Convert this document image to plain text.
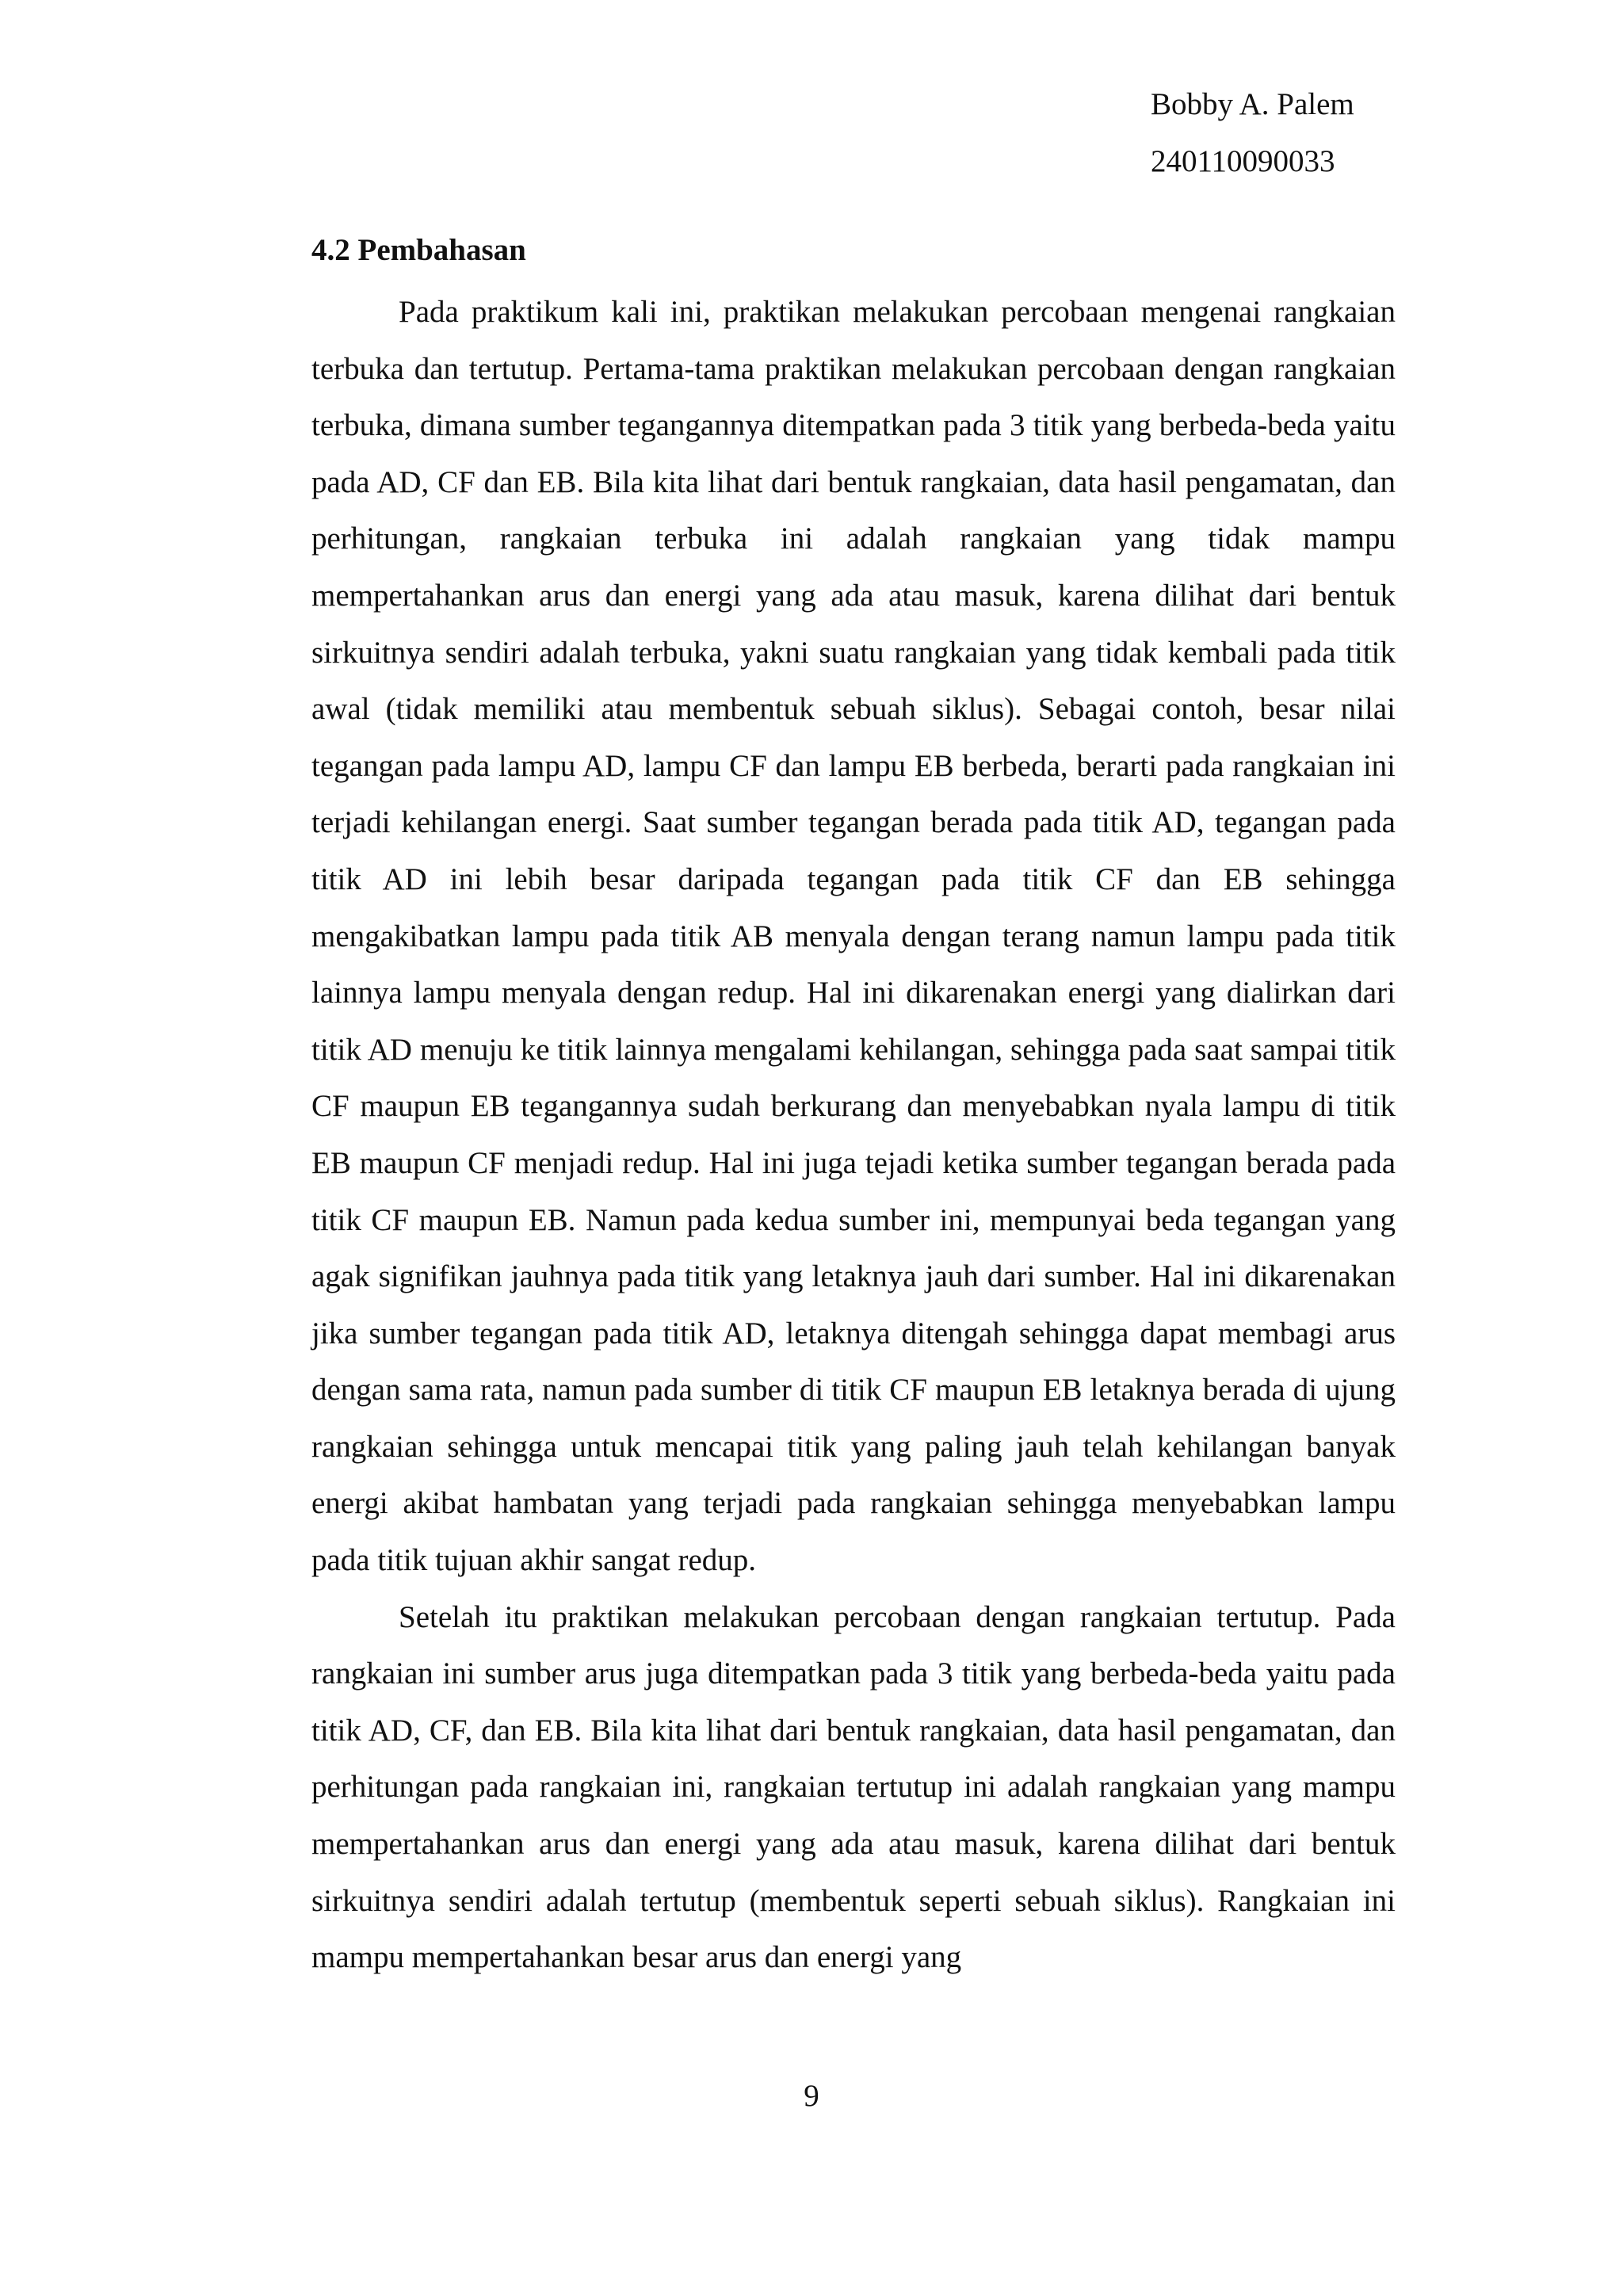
Bobby A. Palem
240110090033
4.2 Pembahasan

Pada praktikum kali ini, praktikan melakukan percobaan mengenai rangkaian terbuka dan tertutup. Pertama-tama praktikan melakukan percobaan dengan rangkaian terbuka, dimana sumber tegangannya ditempatkan pada 3 titik yang berbeda-beda yaitu pada AD, CF dan EB. Bila kita lihat dari bentuk rangkaian, data hasil pengamatan, dan perhitungan, rangkaian terbuka ini adalah rangkaian yang tidak mampu mempertahankan arus dan energi yang ada atau masuk, karena dilihat dari bentuk sirkuitnya sendiri adalah terbuka, yakni suatu rangkaian yang tidak kembali pada titik awal (tidak memiliki atau membentuk sebuah siklus). Sebagai contoh, besar nilai tegangan pada lampu AD, lampu CF dan lampu EB berbeda, berarti pada rangkaian ini terjadi kehilangan energi. Saat sumber tegangan berada pada titik AD, tegangan pada titik AD ini lebih besar daripada tegangan pada titik CF dan EB sehingga mengakibatkan lampu pada titik AB menyala dengan terang namun lampu pada titik lainnya lampu menyala dengan redup. Hal ini dikarenakan energi yang dialirkan dari titik AD menuju ke titik lainnya mengalami kehilangan, sehingga pada saat sampai titik CF maupun EB tegangannya sudah berkurang dan menyebabkan nyala lampu di titik EB maupun CF menjadi redup. Hal ini juga tejadi ketika sumber tegangan berada pada titik CF maupun EB. Namun pada kedua sumber ini, mempunyai beda tegangan yang agak signifikan jauhnya pada titik yang letaknya jauh dari sumber. Hal ini dikarenakan jika sumber tegangan pada titik AD, letaknya ditengah sehingga dapat membagi arus dengan sama rata, namun pada sumber di titik CF maupun EB letaknya berada di ujung rangkaian sehingga untuk mencapai titik yang paling jauh telah kehilangan banyak energi akibat hambatan yang terjadi pada rangkaian sehingga menyebabkan lampu pada titik tujuan akhir sangat redup.

Setelah itu praktikan melakukan percobaan dengan rangkaian tertutup. Pada rangkaian ini sumber arus juga ditempatkan pada 3 titik yang berbeda-beda yaitu pada titik AD, CF, dan EB. Bila kita lihat dari bentuk rangkaian, data hasil pengamatan, dan perhitungan pada rangkaian ini, rangkaian tertutup ini adalah rangkaian yang mampu mempertahankan arus dan energi yang ada atau masuk, karena dilihat dari bentuk sirkuitnya sendiri adalah tertutup (membentuk seperti sebuah siklus). Rangkaian ini mampu mempertahankan besar arus dan energi yang

9
